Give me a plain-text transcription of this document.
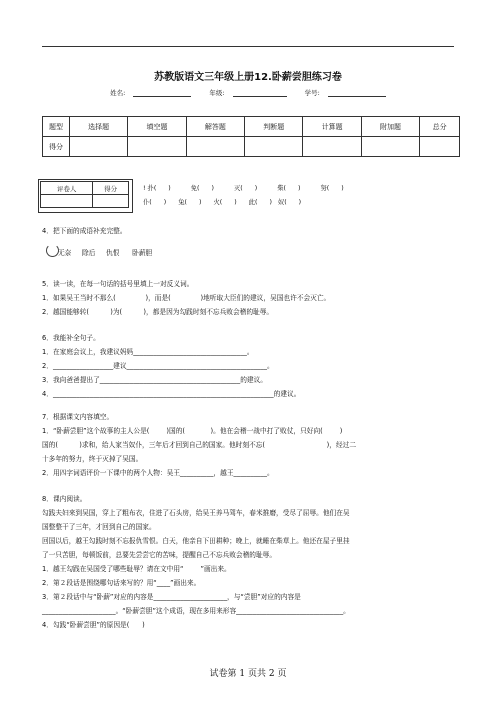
苏教版语文三年级上册12.卧薪尝胆练习卷
姓名:	年级:	学号:
题型	选择题	填空题	解答题	判断题	计算题	附加题	总分
得分							
评卷人	得分
		! 扑(      )          免(      )          灭(      )          柴(      )          努(      )
仆(      )      兔(      )      火(      )      此(      )   奴(      )
4．把下面的成语补充完整。
无奈     除后     仇恨      卧薪胆
5．读一读，在每一句话的括号里填上一对反义词。
1．如果吴王当时不那么(              )，而是(              )地听取大臣们的建议，吴国也许不会灭亡。
2．越国能够转(          )为(          )，都是因为勾践时刻不忘兵败会稽的耻辱。
6．我能补全句子。
1．在家庭会议上，我建议妈妈__________________________________。
2．__________________建议__________________________________________。
3．我向爸爸提出了__________________________________________的建议。
4．__________________________________________________________________的建议。
7．根据课文内容填空。
1．“卧薪尝胆”这个故事的主人公是(        )国的(            )。他在会稽一战中打了败仗，只好向(        )
国的(          )求和，给人家当奴仆，三年后才回到自己的国家。他时刻不忘(                             )，经过二
十多年的努力，终于灭掉了吴国。
2．用四字词语评价一下课中的两个人物：吴王__________，越王__________。
8．课内阅读。
勾践夫妇来到吴国，穿上了粗布衣，住进了石头房，给吴王养马驾车，春米推磨，受尽了屈辱。他们在吴
国整整干了三年，才回到自己的国家。
回国以后，越王勾践时刻不忘报仇雪恨。白天，他亲自下田耕种；晚上，就睡在柴草上。他还在屋子里挂
了一只苦胆，每顿饭前，总要先尝尝它的苦味，提醒自己不忘兵败会稽的耻辱。
1．越王勾践在吴国受了哪些耻辱？请在文中用“        ”画出来。
2．第２段话是围绕哪句话来写的？用“____”画出来。
3．第２段话中与“卧薪”对应的内容是______________________，与“尝胆”对应的内容是
______________________。“卧薪尝胆”这个成语，现在多用来形容________________________________。
4．勾践“卧薪尝胆”的原因是(      )
试卷第 1 页共 2 页
